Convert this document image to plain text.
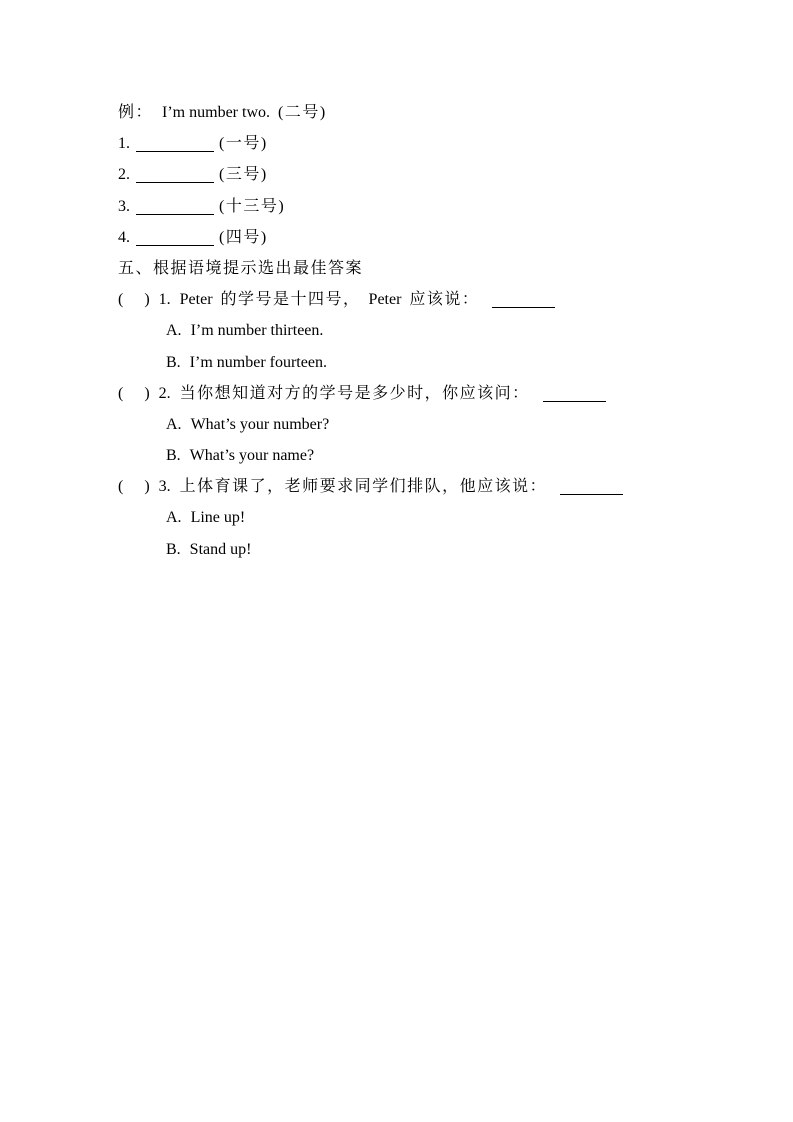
例： I’m number two. (二号)
1.	(一号)
2.	(三号)
3.	(十三号)
4.	(四号)
五、根据语境提示选出最佳答案
( ) 1. Peter 的学号是十四号， Peter 应该说：
A. I’m number thirteen.
B. I’m number fourteen.
( ) 2. 当你想知道对方的学号是多少时，你应该问：
A. What’s your number?
B. What’s your name?
( ) 3. 上体育课了，老师要求同学们排队，他应该说：
A. Line up!
B. Stand up!
